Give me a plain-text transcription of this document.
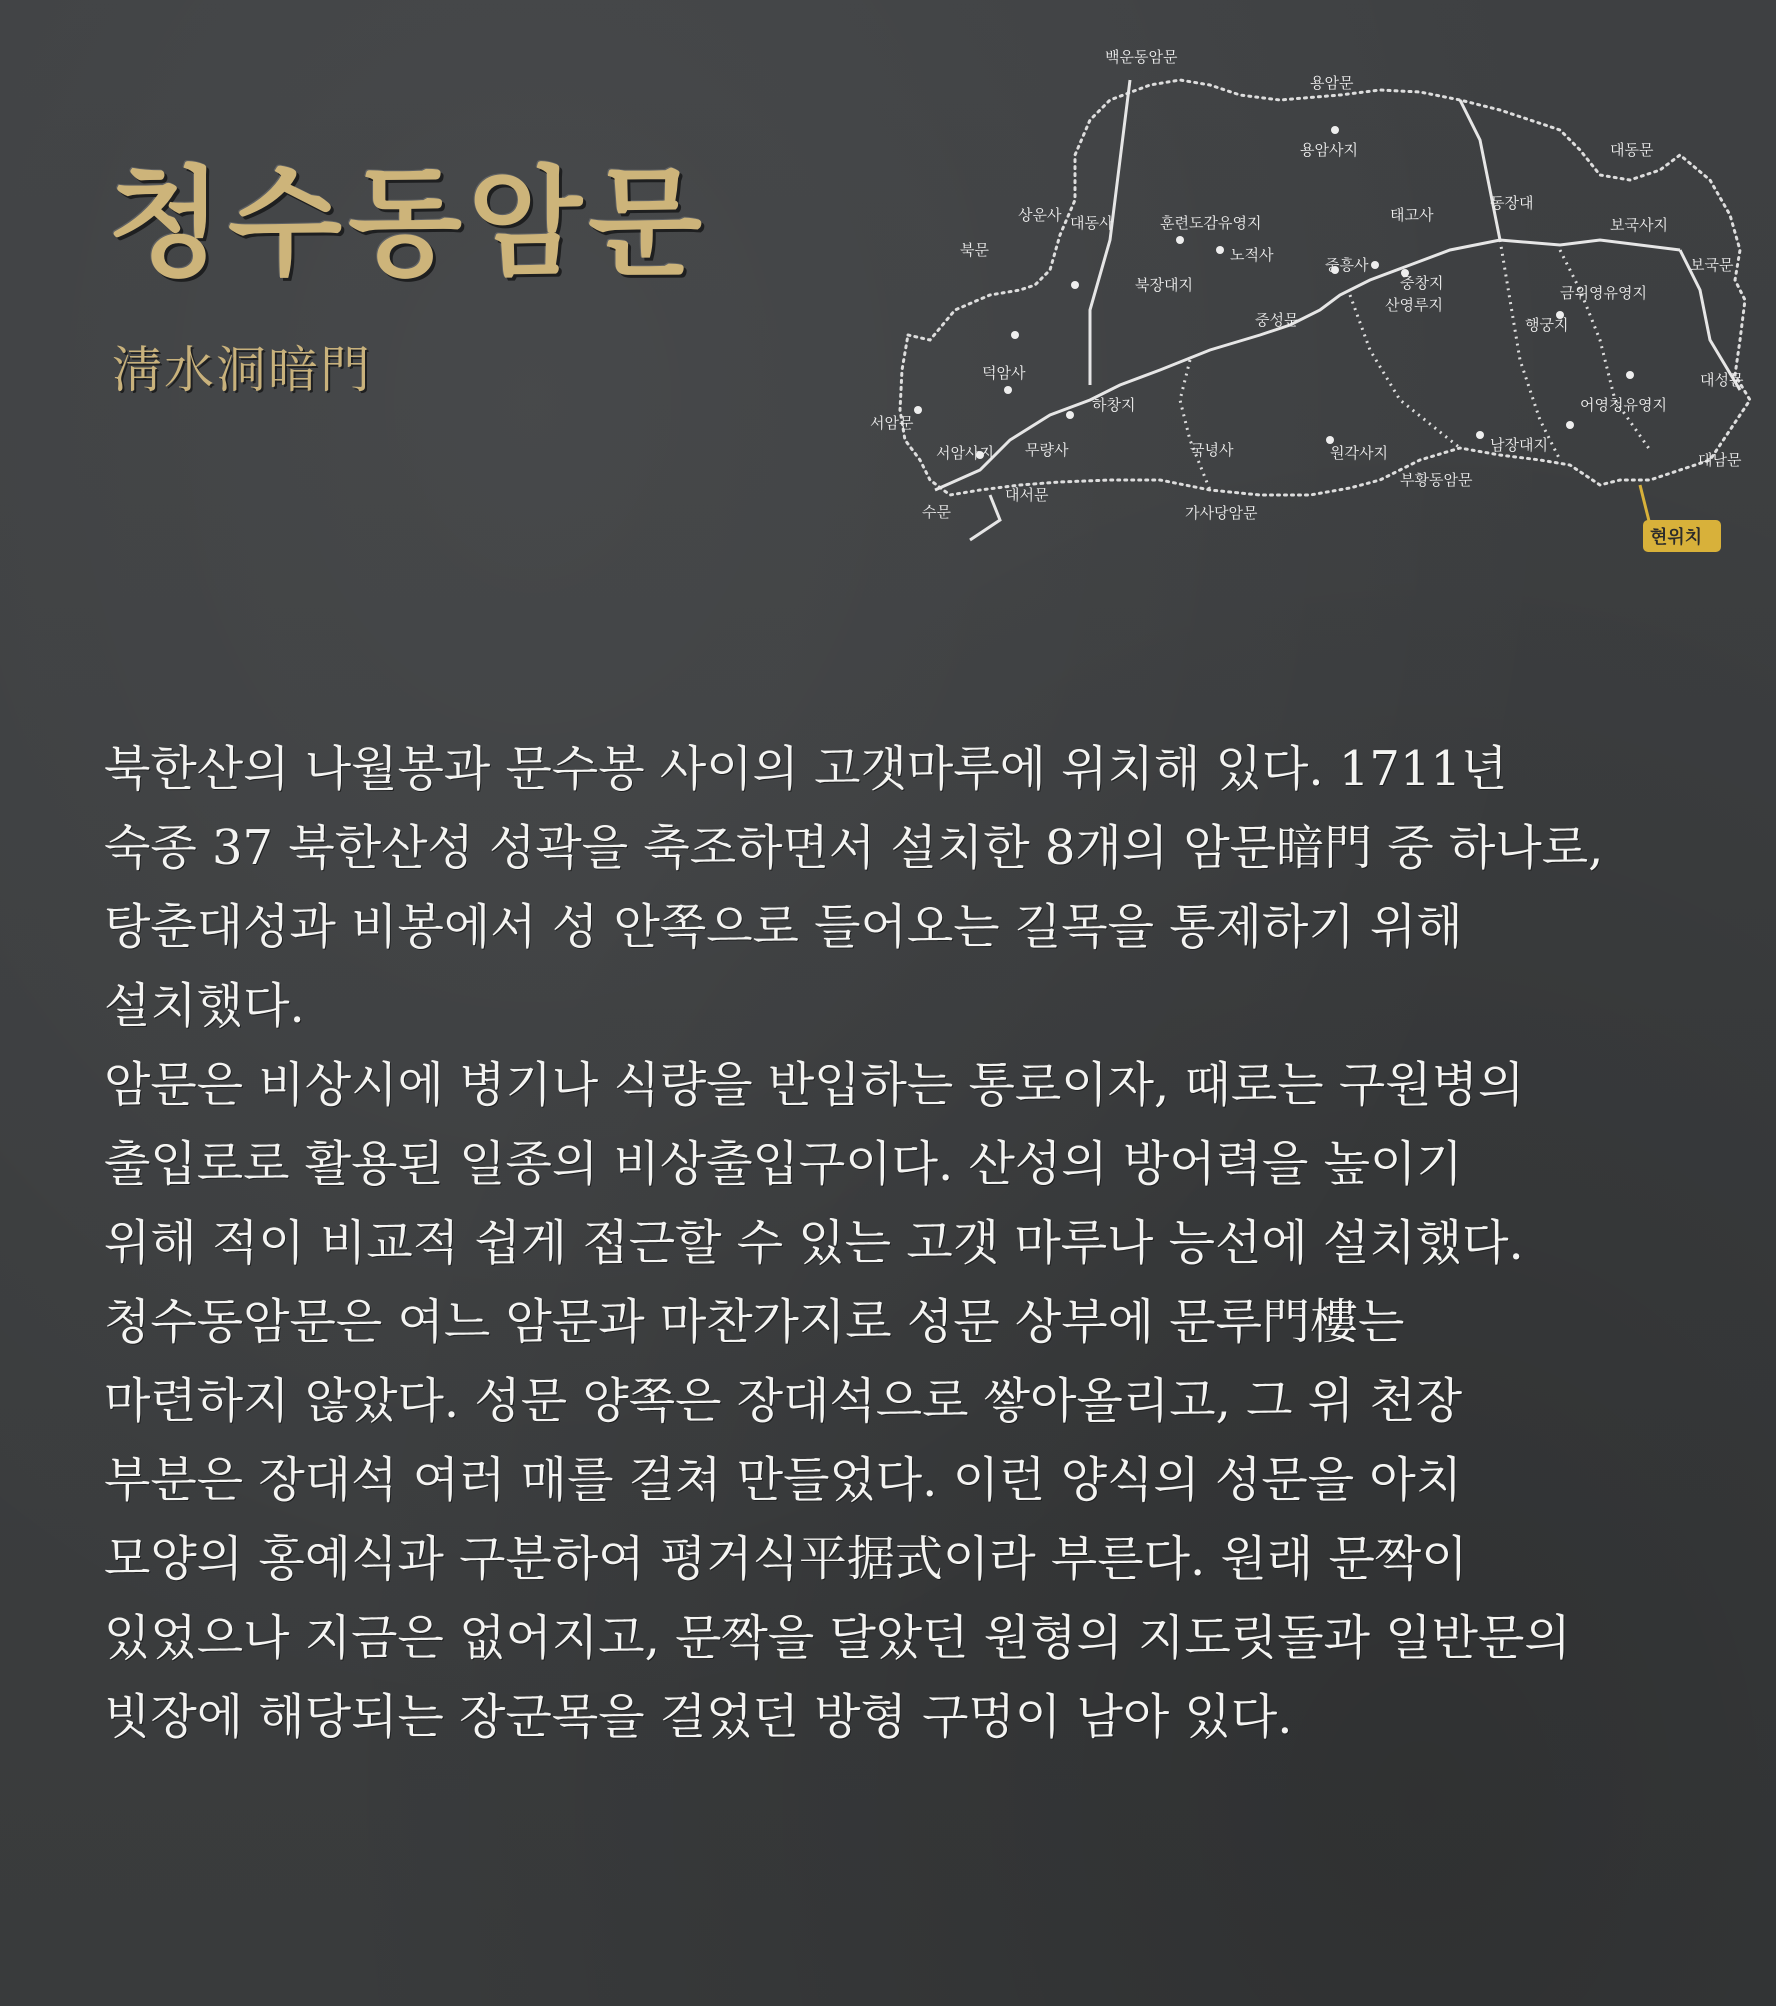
청수동암문
淸水洞暗門
백운동암문
용암문
용암사지	대동문
상운사 대동사	훈련도감유영지	태고사
동장대
보국사지
북문	노적사
중흥사
중창지
보국문
북장대지
산영루지
금위영유영지
중성문	행궁지
덕암사	대성문
서암문
하창지	어영청유영지
서암사지 무량사	국녕사	원각사지	남장대지
대남문
부황동암문
수문
대서문
가사당암문
현위치
북한산의 나월봉과 문수봉 사이의 고갯마루에 위치해 있다. 1711년
숙종 37 북한산성 성곽을 축조하면서 설치한 8개의 암문暗門 중 하나로,
탕춘대성과 비봉에서 성 안쪽으로 들어오는 길목을 통제하기 위해
설치했다.
암문은 비상시에 병기나 식량을 반입하는 통로이자, 때로는 구원병의
출입로로 활용된 일종의 비상출입구이다. 산성의 방어력을 높이기
위해 적이 비교적 쉽게 접근할 수 있는 고갯 마루나 능선에 설치했다.
청수동암문은 여느 암문과 마찬가지로 성문 상부에 문루門樓는
마련하지 않았다. 성문 양쪽은 장대석으로 쌓아올리고, 그 위 천장
부분은 장대석 여러 매를 걸쳐 만들었다. 이런 양식의 성문을 아치
모양의 홍예식과 구분하여 평거식平据式이라 부른다. 원래 문짝이
있었으나 지금은 없어지고, 문짝을 달았던 원형의 지도릿돌과 일반문의
빗장에 해당되는 장군목을 걸었던 방형 구멍이 남아 있다.
